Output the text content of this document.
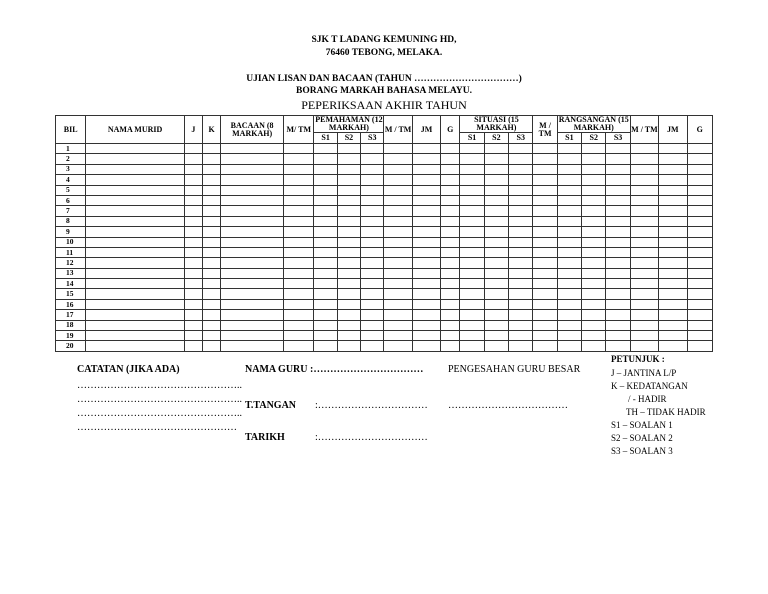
SJK T LADANG KEMUNING HD,
76460 TEBONG, MELAKA.
UJIAN LISAN DAN BACAAN (TAHUN ……………………………)
BORANG MARKAH BAHASA MELAYU.
PEPERIKSAAN AKHIR TAHUN
BIL	NAMA MURID	J	K	BACAAN (8 MARKAH)	M/ TM	PEMAHAMAN (12 MARKAH)			M / TM	JM	G	SITUASI (15 MARKAH)			M / TM	RANGSANGAN (15 MARKAH)			M / TM	JM	G
						S1	S2	S3				S1	S2	S3		S1	S2	S3			
1																					
2																					
3																					
4																					
5																					
6																					
7																					
8																					
9																					
10																					
11																					
12																					
13																					
14																					
15																					
16																					
17																					
18																					
19																					
20																					
CATATAN (JIKA ADA)
…………………………………………..
…………………………………………..
…………………………………………..
…………………………………………
NAMA GURU :……………………………
T.TANGAN :……………………………
TARIKH	:……………………………
PENGESAHAN GURU BESAR
………………………………
PETUNJUK :
J – JANTINA L/P
K – KEDATANGAN
/ - HADIR
TH – TIDAK HADIR
S1 – SOALAN 1
S2 – SOALAN 2
S3 – SOALAN 3
